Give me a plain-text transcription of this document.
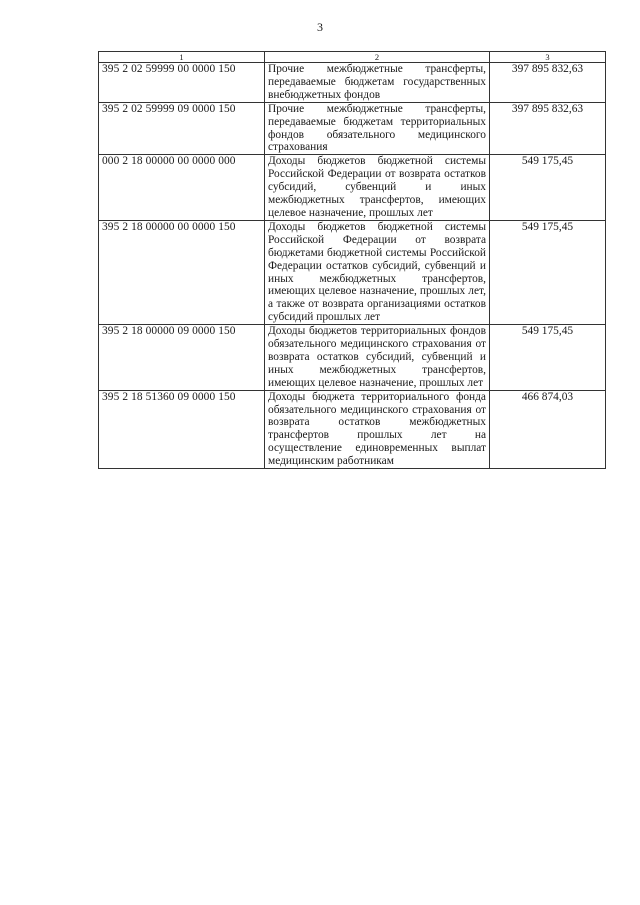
3
1	2	3
395 2 02 59999 00 0000 150	Прочие межбюджетные трансферты, передаваемые бюджетам государственных внебюджетных фондов	397 895 832,63
395 2 02 59999 09 0000 150	Прочие межбюджетные трансферты, передаваемые бюджетам территориальных фондов обязательного медицинского страхования	397 895 832,63
000 2 18 00000 00 0000 000	Доходы бюджетов бюджетной системы Российской Федерации от возврата остатков субсидий, субвенций и иных межбюджетных трансфертов, имеющих целевое назначение, прошлых лет	549 175,45
395 2 18 00000 00 0000 150	Доходы бюджетов бюджетной системы Российской Федерации от возврата бюджетами бюджетной системы Российской Федерации остатков субсидий, субвенций и иных межбюджетных трансфертов, имеющих целевое назначение, прошлых лет, а также от возврата организациями остатков субсидий прошлых лет	549 175,45
395 2 18 00000 09 0000 150	Доходы бюджетов территориальных фондов обязательного медицинского страхования от возврата остатков субсидий, субвенций и иных межбюджетных трансфертов, имеющих целевое назначение, прошлых лет	549 175,45
395 2 18 51360 09 0000 150	Доходы бюджета территориального фонда обязательного медицинского страхования от возврата остатков межбюджетных трансфертов прошлых лет на осуществление единовременных выплат медицинским работникам	466 874,03
